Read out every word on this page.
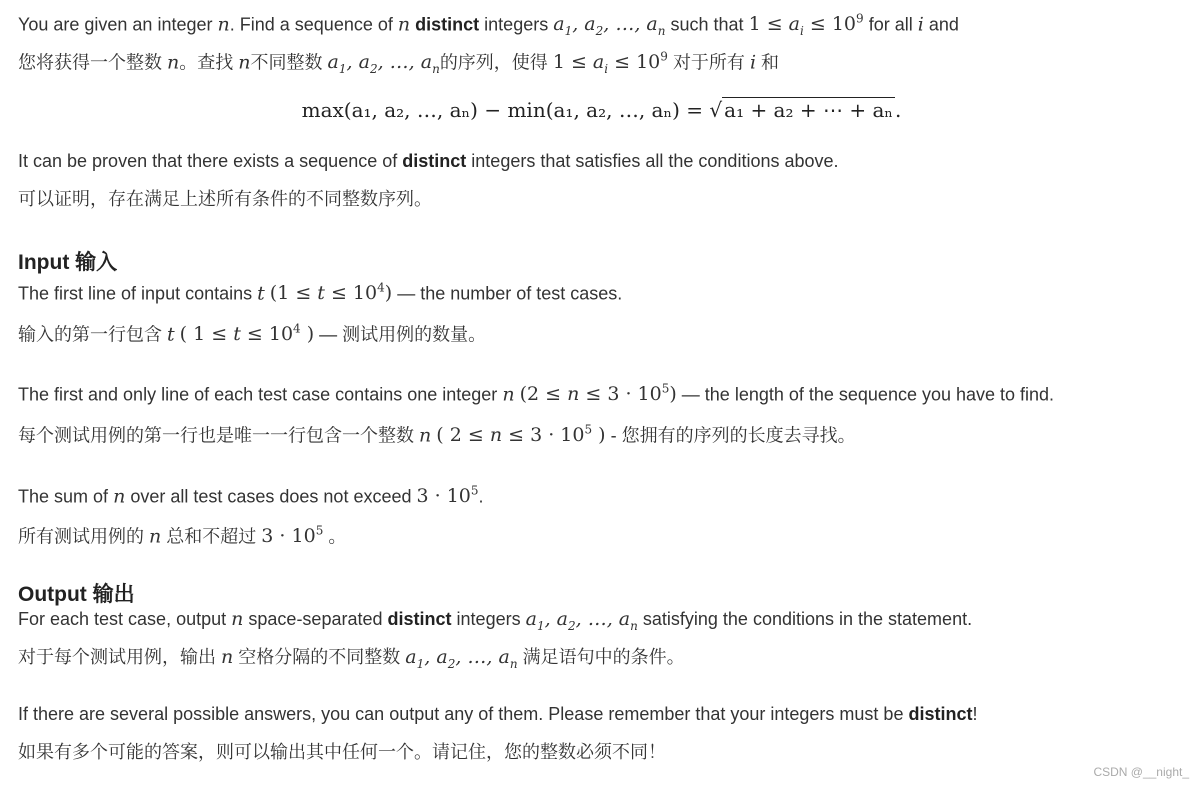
You are given an integer n. Find a sequence of n distinct integers $a_1$, $a_2$, …, $a_n$ such that $1 \le a_i \le 10^9$ for all i and
您将获得一个整数 n。查找 n不同整数 $a_1$, $a_2$, …, $a_n$的序列，使得 $1 \le a_i \le 10^9$ 对于所有 i 和
max(a₁, a₂, …, aₙ) − min(a₁, a₂, …, aₙ) = √ a₁ + a₂ + ⋯ + aₙ .
It can be proven that there exists a sequence of distinct integers that satisfies all the conditions above.
可以证明，存在满足上述所有条件的不同整数序列。
Input 输入
The first line of input contains t $(1 \le t \le 10^4)$ — the number of test cases.
输入的第一行包含 t ( $1 \le t \le 10^4$ ) — 测试用例的数量。
The first and only line of each test case contains one integer n $(2 \le n \le 3 \cdot 10^5)$ — the length of the sequence you have to find.
每个测试用例的第一行也是唯一一行包含一个整数 n ( $2 \le n \le 3 \cdot 10^5$ ) - 您拥有的序列的长度去寻找。
The sum of n over all test cases does not exceed $3 \cdot 10^5$.
所有测试用例的 n 总和不超过 $3 \cdot 10^5$ 。
Output 输出
For each test case, output n space-separated distinct integers $a_1$, $a_2$, …, $a_n$ satisfying the conditions in the statement.
对于每个测试用例，输出 n 空格分隔的不同整数 $a_1$, $a_2$, …, $a_n$ 满足语句中的条件。
If there are several possible answers, you can output any of them. Please remember that your integers must be distinct!
如果有多个可能的答案，则可以输出其中任何一个。请记住，您的整数必须不同！
CSDN @__night_
